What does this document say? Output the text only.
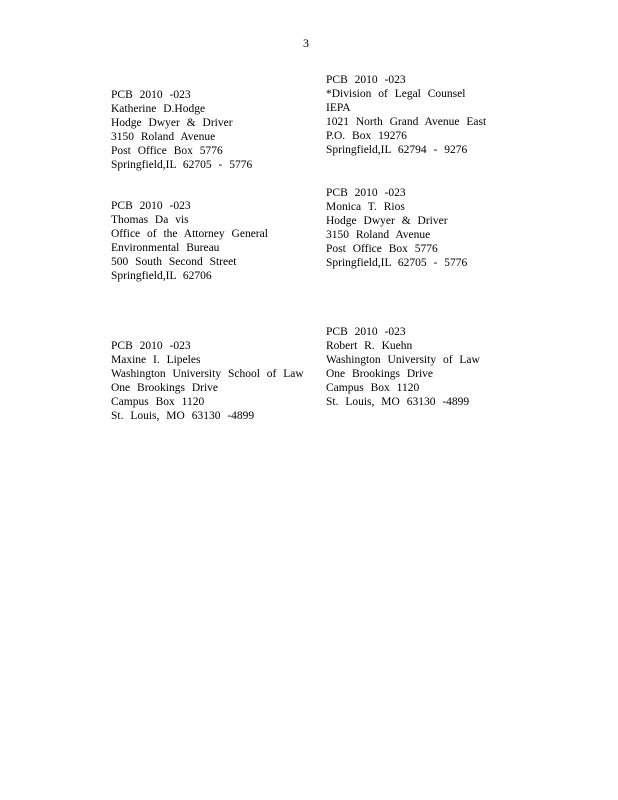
3
PCB 2010 -023
Katherine D.Hodge
Hodge Dwyer & Driver
3150 Roland Avenue
Post Office Box 5776
Springfield,IL 62705 - 5776
PCB 2010 -023
*Division of Legal Counsel
IEPA
1021 North Grand Avenue East
P.O. Box 19276
Springfield,IL 62794 - 9276
PCB 2010 -023
Thomas Da vis
Office of the Attorney General
Environmental Bureau
500 South Second Street
Springfield,IL 62706
PCB 2010 -023
Monica T. Rios
Hodge Dwyer & Driver
3150 Roland Avenue
Post Office Box 5776
Springfield,IL 62705 - 5776
PCB 2010 -023
Maxine I. Lipeles
Washington University School of Law
One Brookings Drive
Campus Box 1120
St. Louis, MO 63130 -4899
PCB 2010 -023
Robert R. Kuehn
Washington University of Law
One Brookings Drive
Campus Box 1120
St. Louis, MO 63130 -4899
